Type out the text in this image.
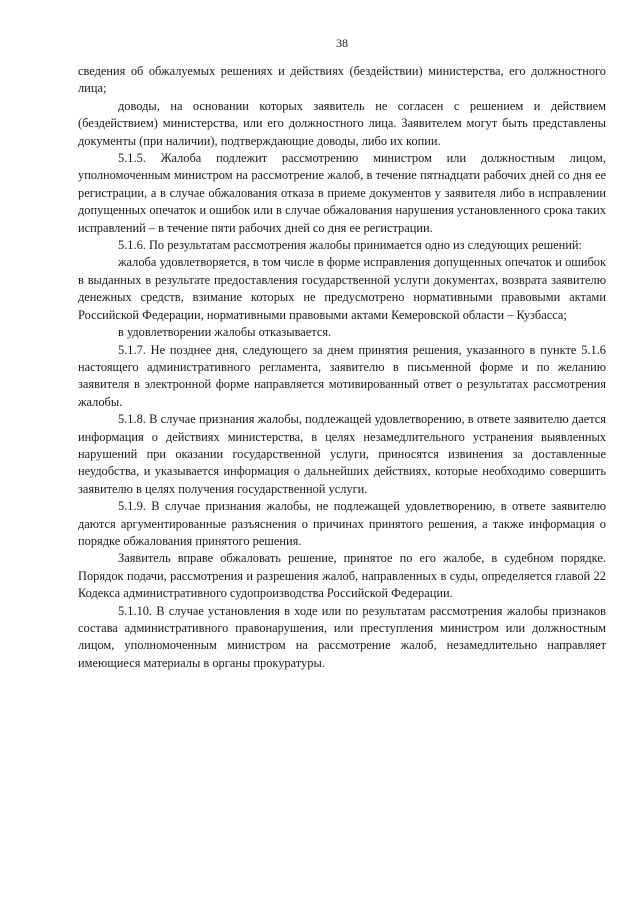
38

сведения об обжалуемых решениях и действиях (бездействии) министерства, его должностного лица;

доводы, на основании которых заявитель не согласен с решением и действием (бездействием) министерства, или его должностного лица. Заявителем могут быть представлены документы (при наличии), подтверждающие доводы, либо их копии.

5.1.5. Жалоба подлежит рассмотрению министром или должностным лицом, уполномоченным министром на рассмотрение жалоб, в течение пятнадцати рабочих дней со дня ее регистрации, а в случае обжалования отказа в приеме документов у заявителя либо в исправлении допущенных опечаток и ошибок или в случае обжалования нарушения установленного срока таких исправлений – в течение пяти рабочих дней со дня ее регистрации.

5.1.6. По результатам рассмотрения жалобы принимается одно из следующих решений:

жалоба удовлетворяется, в том числе в форме исправления допущенных опечаток и ошибок в выданных в результате предоставления государственной услуги документах, возврата заявителю денежных средств, взимание которых не предусмотрено нормативными правовыми актами Российской Федерации, нормативными правовыми актами Кемеровской области – Кузбасса;

в удовлетворении жалобы отказывается.

5.1.7. Не позднее дня, следующего за днем принятия решения, указанного в пункте 5.1.6 настоящего административного регламента, заявителю в письменной форме и по желанию заявителя в электронной форме направляется мотивированный ответ о результатах рассмотрения жалобы.

5.1.8. В случае признания жалобы, подлежащей удовлетворению, в ответе заявителю дается информация о действиях министерства, в целях незамедлительного устранения выявленных нарушений при оказании государственной услуги, приносятся извинения за доставленные неудобства, и указывается информация о дальнейших действиях, которые необходимо совершить заявителю в целях получения государственной услуги.

5.1.9. В случае признания жалобы, не подлежащей удовлетворению, в ответе заявителю даются аргументированные разъяснения о причинах принятого решения, а также информация о порядке обжалования принятого решения.

Заявитель вправе обжаловать решение, принятое по его жалобе, в судебном порядке. Порядок подачи, рассмотрения и разрешения жалоб, направленных в суды, определяется главой 22 Кодекса административного судопроизводства Российской Федерации.

5.1.10. В случае установления в ходе или по результатам рассмотрения жалобы признаков состава административного правонарушения, или преступления министром или должностным лицом, уполномоченным министром на рассмотрение жалоб, незамедлительно направляет имеющиеся материалы в органы прокуратуры.
